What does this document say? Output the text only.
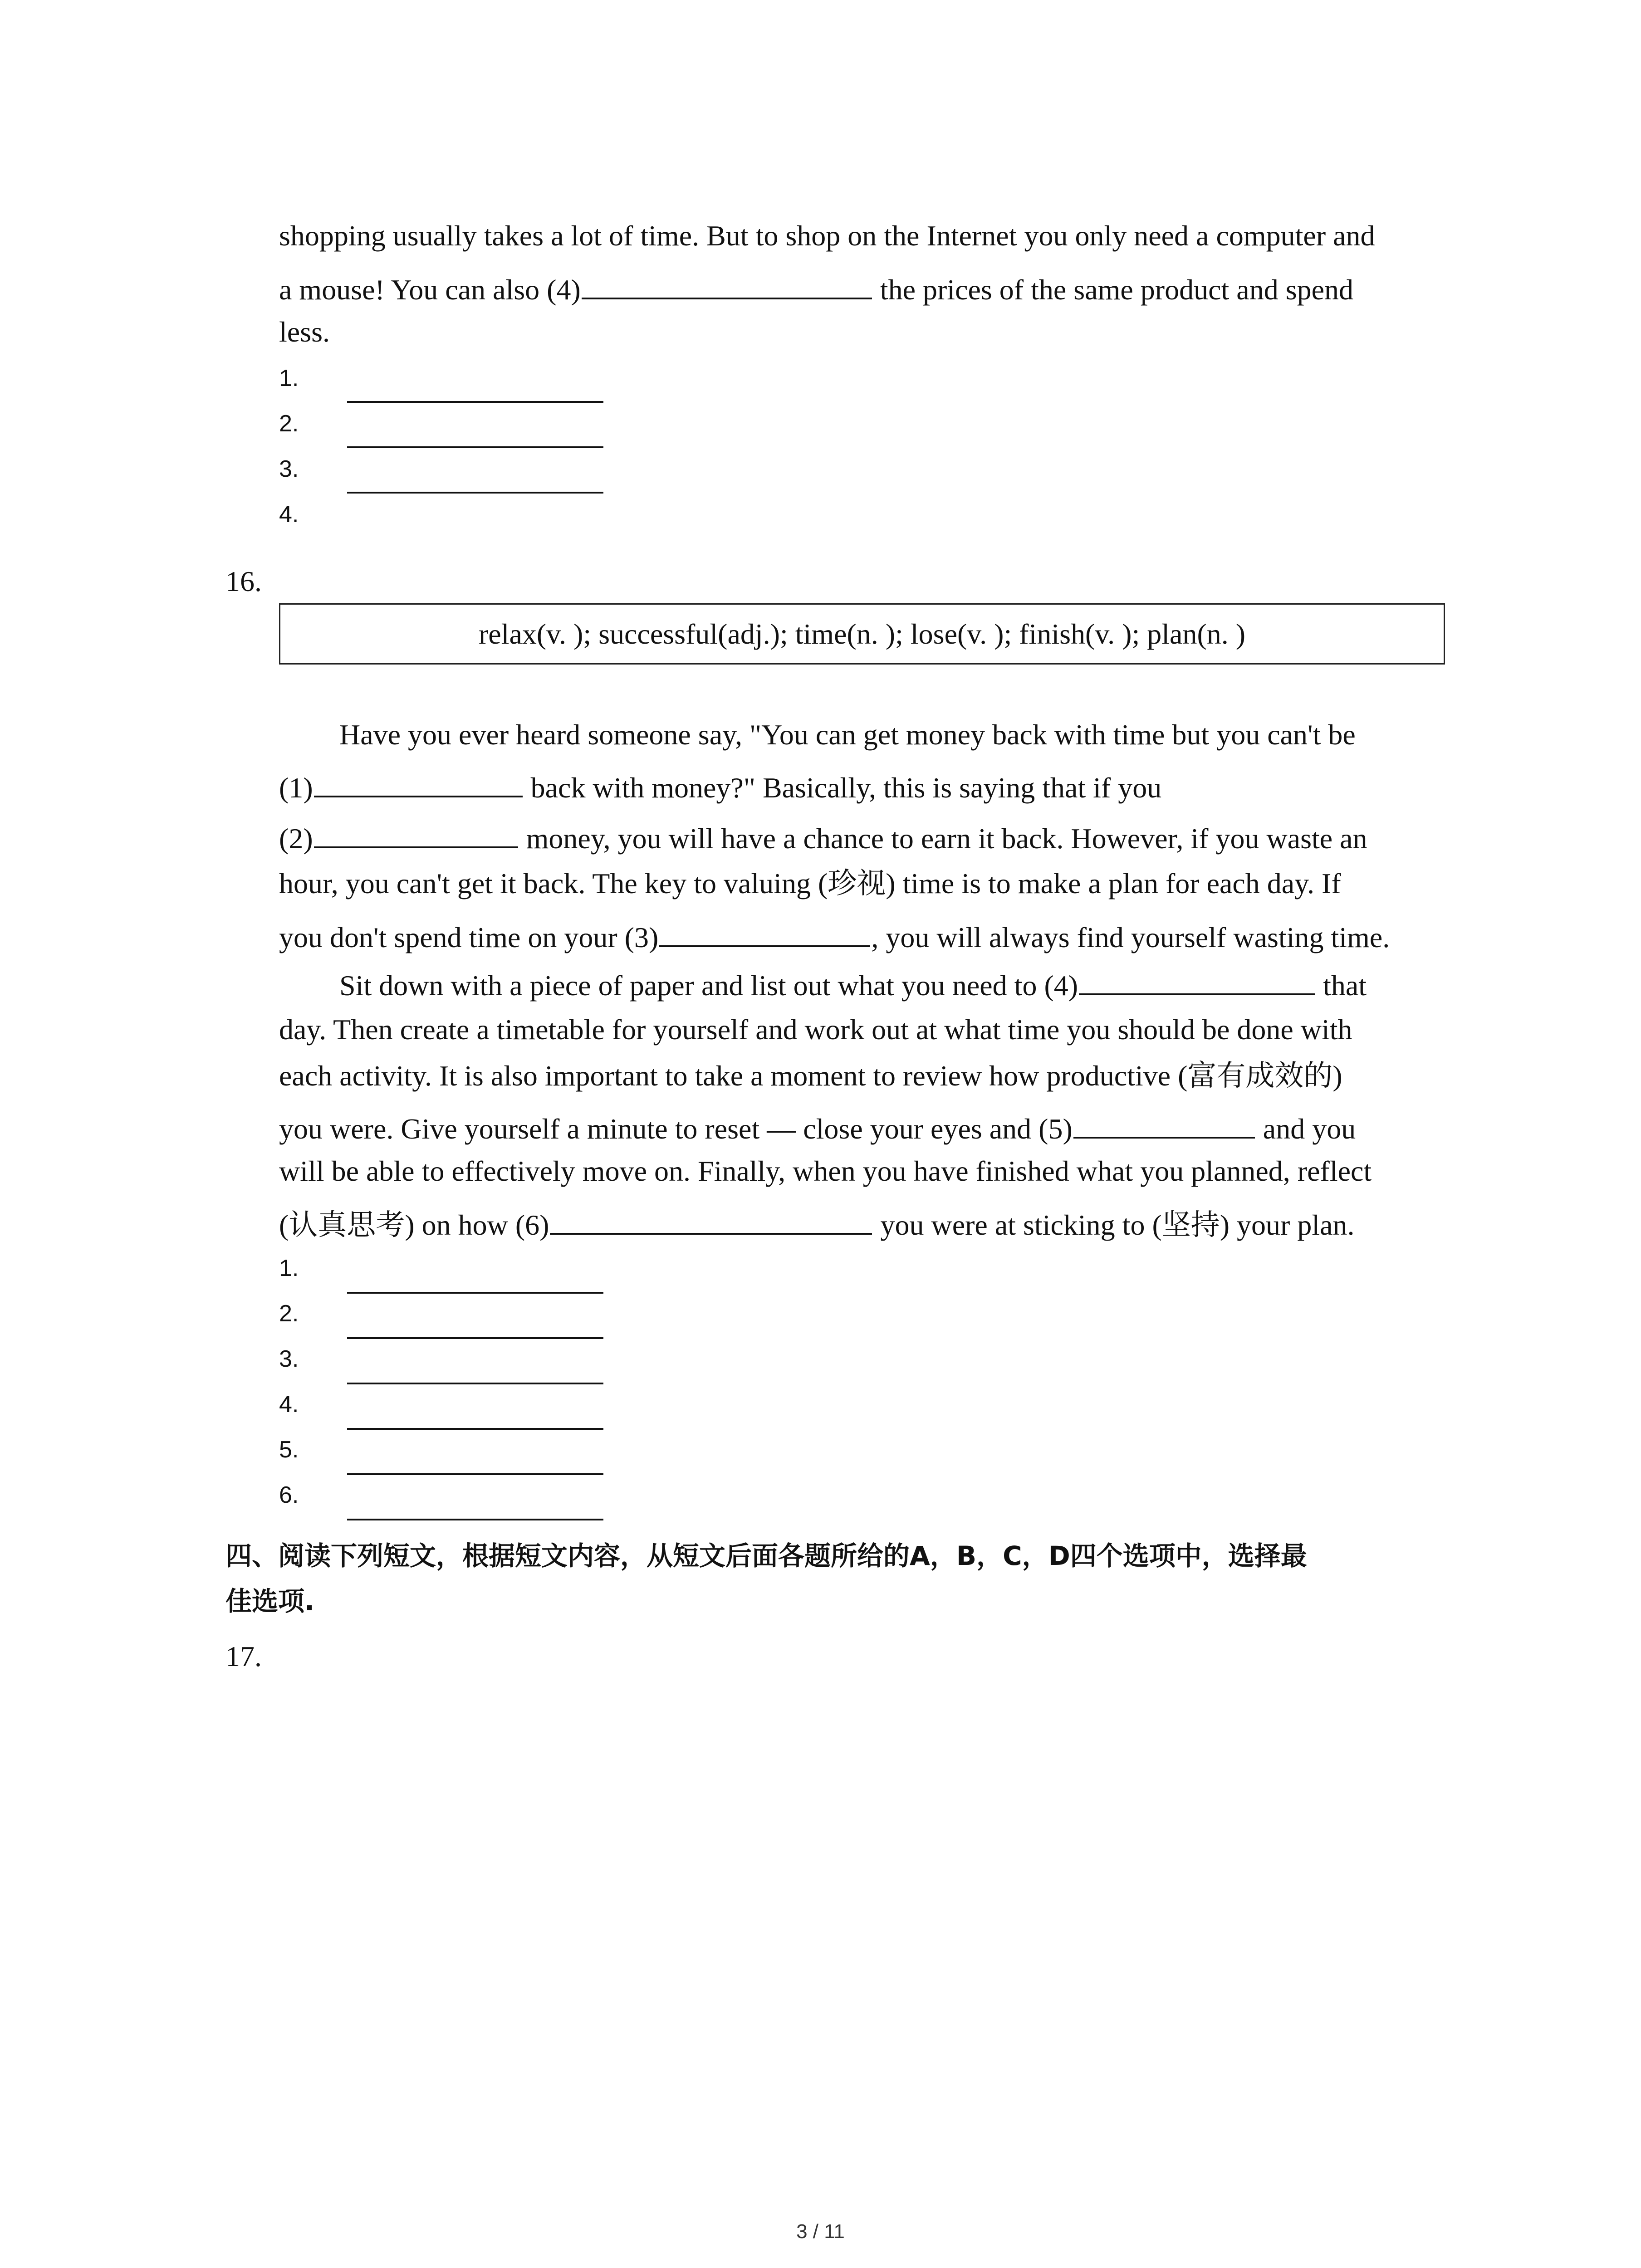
shopping usually takes a lot of time. But to shop on the Internet you only need a computer and
a mouse! You can also (4)	the prices of the same product and spend
less.
1.
2.
3.
4.
16.
relax(v. ); successful(adj.); time(n. ); lose(v. ); finish(v. ); plan(n. )
Have you ever heard someone say, "You can get money back with time but you can't be
(1)	back with money?" Basically, this is saying that if you
(2)	money, you will have a chance to earn it back. However, if you waste an
hour, you can't get it back. The key to valuing (珍视) time is to make a plan for each day. If
you don't spend time on your (3)	, you will always find yourself wasting time.
Sit down with a piece of paper and list out what you need to (4)	that
day. Then create a timetable for yourself and work out at what time you should be done with
each activity. It is also important to take a moment to review how productive (富有成效的)
you were. Give yourself a minute to reset — close your eyes and (5)	and you
will be able to effectively move on. Finally, when you have finished what you planned, reflect
(认真思考) on how (6)	you were at sticking to (坚持) your plan.
1.
2.
3.
4.
5.
6.
四、阅读下列短文，根据短文内容，从短文后面各题所给的A，B，C，D四个选项中，选择最
佳选项.
17.
3 / 11
